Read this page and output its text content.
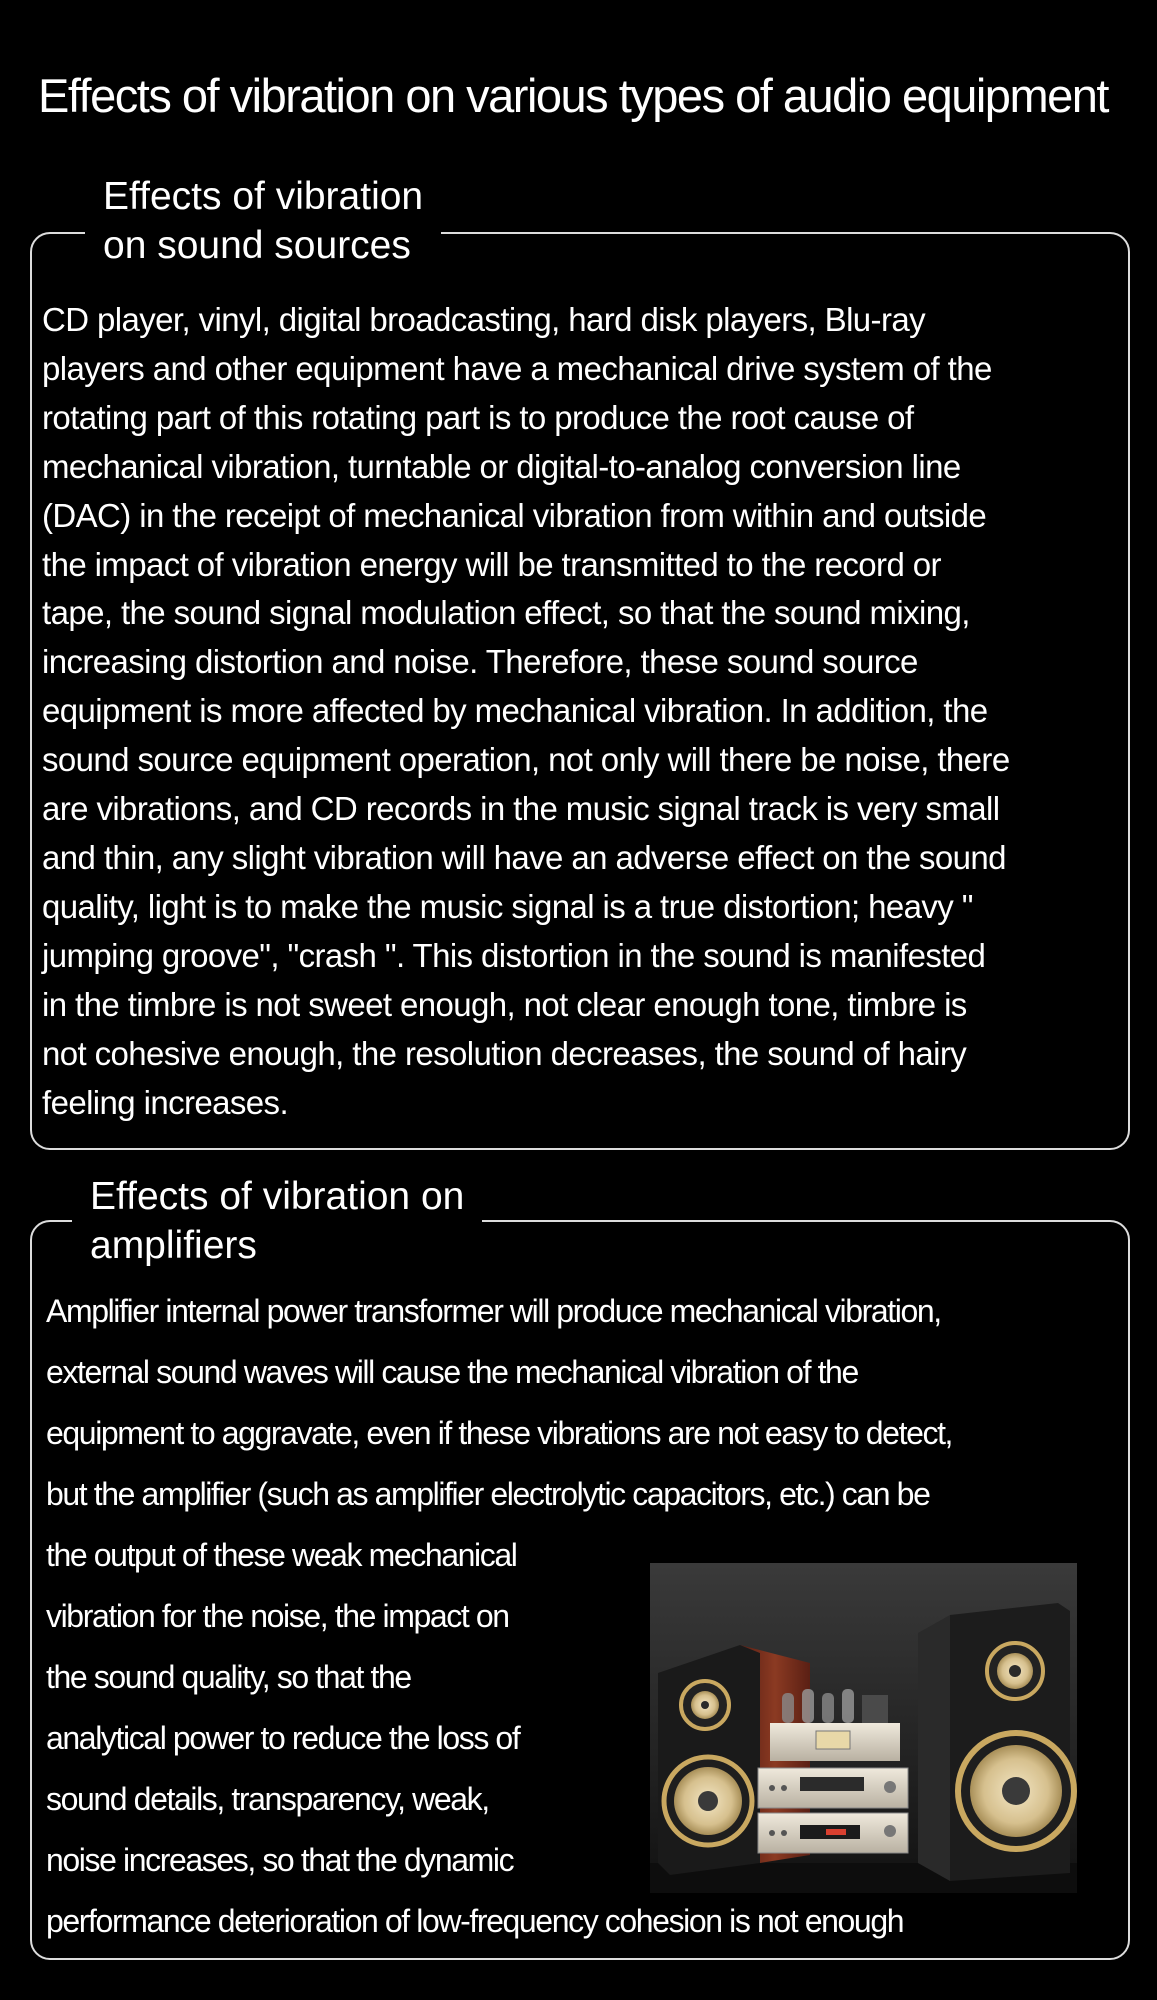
Effects of vibration on various types of audio equipment
Effects of vibration
on sound sources
CD player, vinyl, digital broadcasting, hard disk players, Blu-ray
players and other equipment have a mechanical drive system of the
rotating part of this rotating part is to produce the root cause of
mechanical vibration, turntable or digital-to-analog conversion line
(DAC) in the receipt of mechanical vibration from within and outside
the impact of vibration energy will be transmitted to the record or
tape, the sound signal modulation effect, so that the sound mixing,
increasing distortion and noise. Therefore, these sound source
equipment is more affected by mechanical vibration. In addition, the
sound source equipment operation, not only will there be noise, there
are vibrations, and CD records in the music signal track is very small
and thin, any slight vibration will have an adverse effect on the sound
quality, light is to make the music signal is a true distortion; heavy "
jumping groove", "crash ". This distortion in the sound is manifested
in the timbre is not sweet enough, not clear enough tone, timbre is
not cohesive enough, the resolution decreases, the sound of hairy
feeling increases.
Effects of vibration on
amplifiers
Amplifier internal power transformer will produce mechanical vibration,
external sound waves will cause the mechanical vibration of the
equipment to aggravate, even if these vibrations are not easy to detect,
but the amplifier (such as amplifier electrolytic capacitors, etc.) can be
the output of these weak mechanical
vibration for the noise, the impact on
the sound quality, so that the
analytical power to reduce the loss of
sound details, transparency, weak,
noise increases, so that the dynamic
performance deterioration of low-frequency cohesion is not enough
